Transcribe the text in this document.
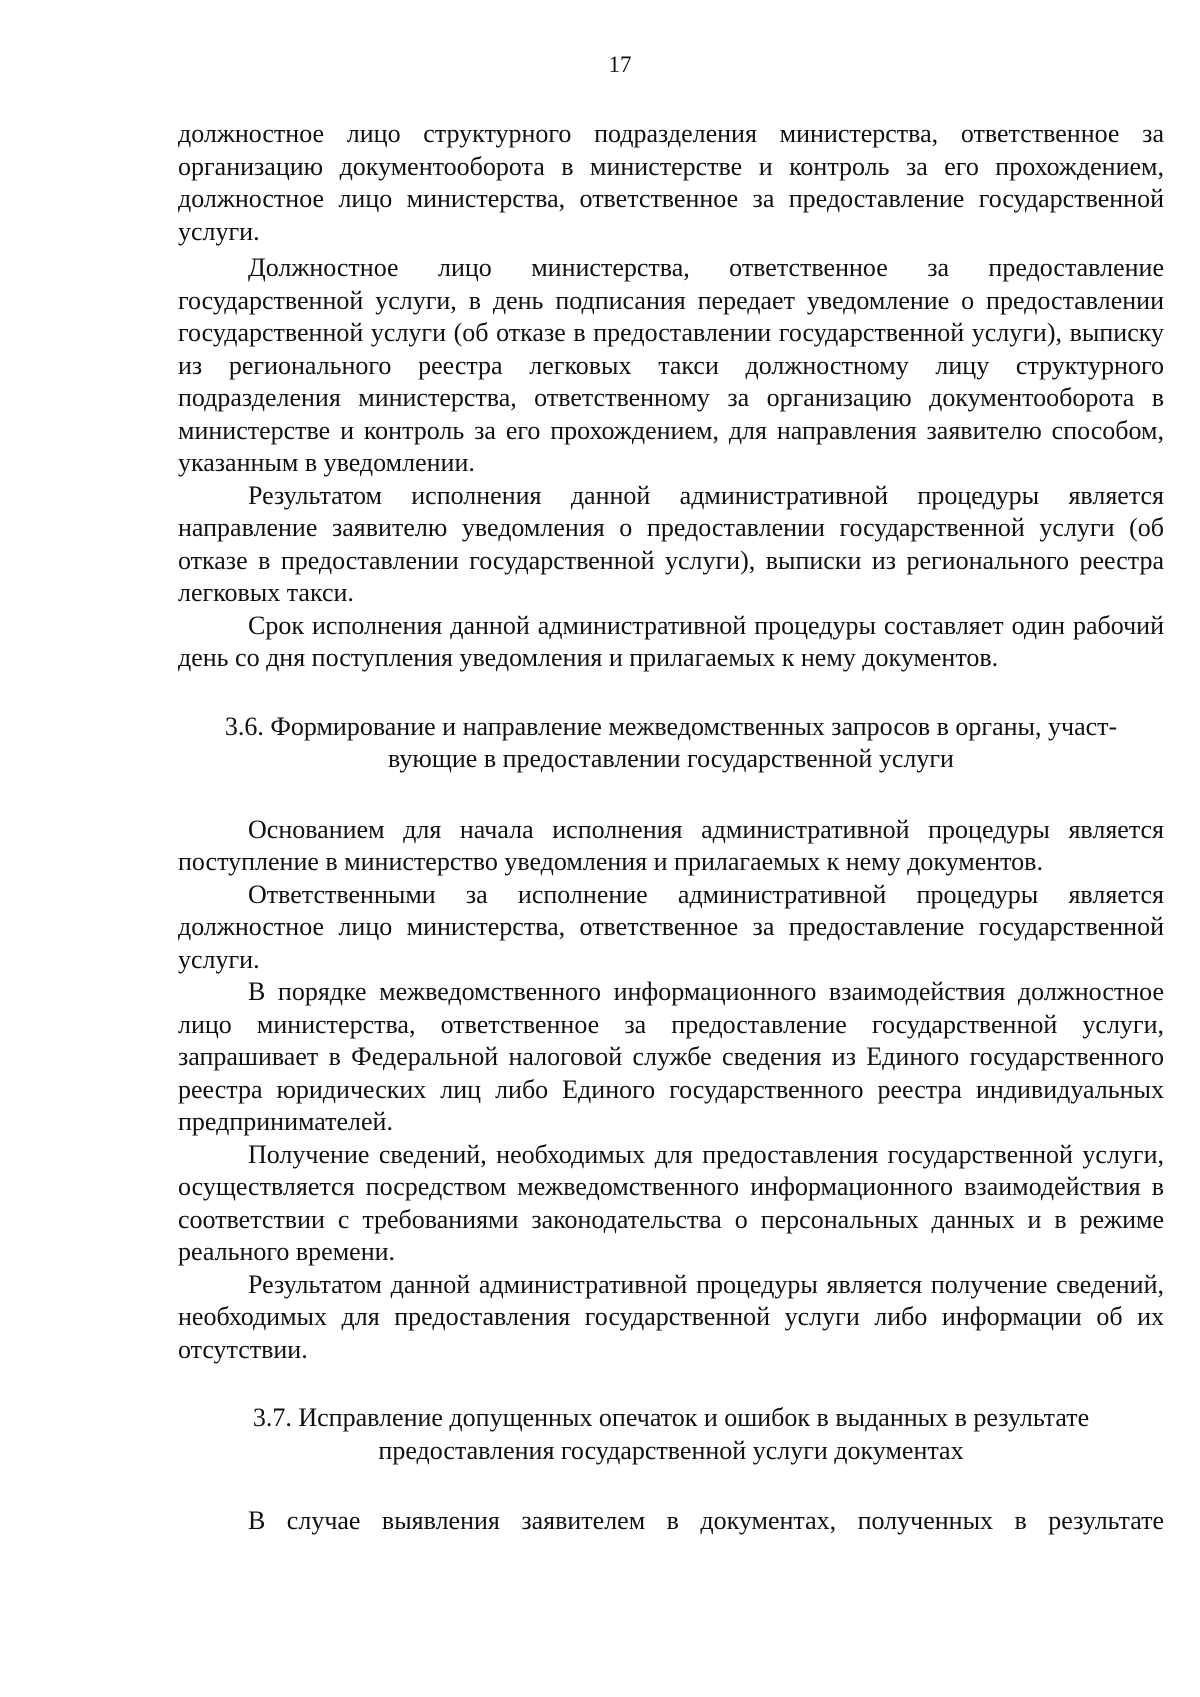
17

должностное лицо структурного подразделения министерства, ответственное за организацию документооборота в министерстве и контроль за его прохождением, должностное лицо министерства, ответственное за предоставление государственной услуги.

Должностное лицо министерства, ответственное за предоставление государственной услуги, в день подписания передает уведомление о предоставлении государственной услуги (об отказе в предоставлении государственной услуги), выписку из регионального реестра легковых такси должностному лицу структурного подразделения министерства, ответственному за организацию документооборота в министерстве и контроль за его прохождением, для направления заявителю способом, указанным в уведомлении.

Результатом исполнения данной административной процедуры является направление заявителю уведомления о предоставлении государственной услуги (об отказе в предоставлении государственной услуги), выписки из регионального реестра легковых такси.

Срок исполнения данной административной процедуры составляет один рабочий день со дня поступления уведомления и прилагаемых к нему документов.

3.6. Формирование и направление межведомственных запросов в органы, участ-
вующие в предоставлении государственной услуги

Основанием для начала исполнения административной процедуры является поступление в министерство уведомления и прилагаемых к нему документов.

Ответственными за исполнение административной процедуры является должностное лицо министерства, ответственное за предоставление государственной услуги.

В порядке межведомственного информационного взаимодействия должностное лицо министерства, ответственное за предоставление государственной услуги, запрашивает в Федеральной налоговой службе сведения из Единого государственного реестра юридических лиц либо Единого государственного реестра индивидуальных предпринимателей.

Получение сведений, необходимых для предоставления государственной услуги, осуществляется посредством межведомственного информационного взаимодействия в соответствии с требованиями законодательства о персональных данных и в режиме реального времени.

Результатом данной административной процедуры является получение сведений, необходимых для предоставления государственной услуги либо информации об их отсутствии.

3.7. Исправление допущенных опечаток и ошибок в выданных в результате
предоставления государственной услуги документах

В случае выявления заявителем в документах, полученных в результате
